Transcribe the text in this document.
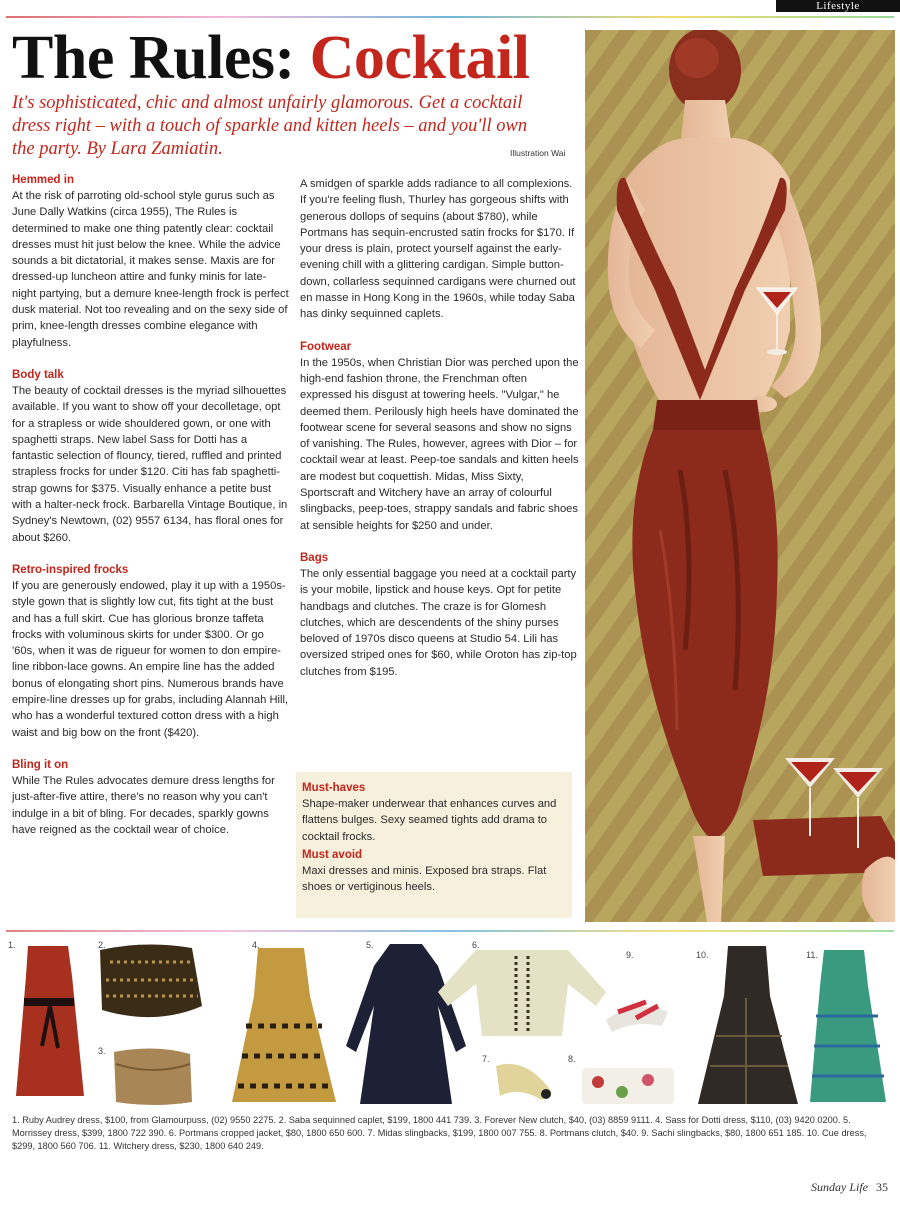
Lifestyle
The Rules: Cocktail

It's sophisticated, chic and almost unfairly glamorous. Get a cocktail dress right – with a touch of sparkle and kitten heels – and you'll own the party. By Lara Zamiatin.	Illustration Wai
Hemmed in

At the risk of parroting old-school style gurus such as June Dally Watkins (circa 1955), The Rules is determined to make one thing patently clear: cocktail dresses must hit just below the knee. While the advice sounds a bit dictatorial, it makes sense. Maxis are for dressed-up luncheon attire and funky minis for late-night partying, but a demure knee-length frock is perfect dusk material. Not too revealing and on the sexy side of prim, knee-length dresses combine elegance with playfulness.

Body talk

The beauty of cocktail dresses is the myriad silhouettes available. If you want to show off your decolletage, opt for a strapless or wide shouldered gown, or one with spaghetti straps. New label Sass for Dotti has a fantastic selection of flouncy, tiered, ruffled and printed strapless frocks for under $120. Citi has fab spaghetti-strap gowns for $375. Visually enhance a petite bust with a halter-neck frock. Barbarella Vintage Boutique, in Sydney's Newtown, (02) 9557 6134, has floral ones for about $260.

Retro-inspired frocks

If you are generously endowed, play it up with a 1950s-style gown that is slightly low cut, fits tight at the bust and has a full skirt. Cue has glorious bronze taffeta frocks with voluminous skirts for under $300. Or go '60s, when it was de rigueur for women to don empire-line ribbon-lace gowns. An empire line has the added bonus of elongating short pins. Numerous brands have empire-line dresses up for grabs, including Alannah Hill, who has a wonderful textured cotton dress with a high waist and big bow on the front ($420).

Bling it on

While The Rules advocates demure dress lengths for just-after-five attire, there's no reason why you can't indulge in a bit of bling. For decades, sparkly gowns have reigned as the cocktail wear of choice.

A smidgen of sparkle adds radiance to all complexions. If you're feeling flush, Thurley has gorgeous shifts with generous dollops of sequins (about $780), while Portmans has sequin-encrusted satin frocks for $170. If your dress is plain, protect yourself against the early-evening chill with a glittering cardigan. Simple button-down, collarless sequinned cardigans were churned out en masse in Hong Kong in the 1960s, while today Saba has dinky sequinned caplets.

Footwear

In the 1950s, when Christian Dior was perched upon the high-end fashion throne, the Frenchman often expressed his disgust at towering heels. "Vulgar," he deemed them. Perilously high heels have dominated the footwear scene for several seasons and show no signs of vanishing. The Rules, however, agrees with Dior – for cocktail wear at least. Peep-toe sandals and kitten heels are modest but coquettish. Midas, Miss Sixty, Sportscraft and Witchery have an array of colourful slingbacks, peep-toes, strappy sandals and fabric shoes at sensible heights for $250 and under.

Bags

The only essential baggage you need at a cocktail party is your mobile, lipstick and house keys. Opt for petite handbags and clutches. The craze is for Glomesh clutches, which are descendents of the shiny purses beloved of 1970s disco queens at Studio 54. Lili has oversized striped ones for $60, while Oroton has zip-top clutches from $195.

Must-haves

Shape-maker underwear that enhances curves and flattens bulges. Sexy seamed tights add drama to cocktail frocks.

Must avoid

Maxi dresses and minis. Exposed bra straps. Flat shoes or vertiginous heels.

1.	2.
3.
4.	5.	6.
7.	8.
9.	10.	11.

1. Ruby Audrey dress, $100, from Glamourpuss, (02) 9550 2275. 2. Saba sequinned caplet, $199, 1800 441 739. 3. Forever New clutch, $40, (03) 8859 9111. 4. Sass for Dotti dress, $110, (03) 9420 0200. 5. Morrissey dress, $399, 1800 722 390. 6. Portmans cropped jacket, $80, 1800 650 600. 7. Midas slingbacks, $199, 1800 007 755. 8. Portmans clutch, $40. 9. Sachi slingbacks, $80, 1800 651 185. 10. Cue dress, $299, 1800 560 706. 11. Witchery dress, $230, 1800 640 249.

Sunday Life 35
